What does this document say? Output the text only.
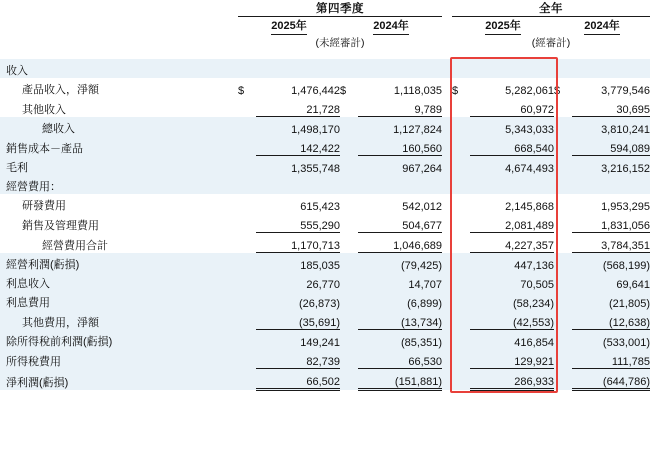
	第四季度					全年			

	2025年		2024年			2025年		2024年	
	(未經審計)					(經審計)			

收入									
產品收入，淨額	$	1,476,442	$	1,118,035		$	5,282,061	$	3,779,546
其他收入		21,728		9,789			60,972		30,695
總收入		1,498,170		1,127,824			5,343,033		3,810,241
銷售成本－產品		142,422		160,560			668,540		594,089
毛利		1,355,748		967,264			4,674,493		3,216,152
經營費用：									
研發費用		615,423		542,012			2,145,868		1,953,295
銷售及管理費用		555,290		504,677			2,081,489		1,831,056
經營費用合計		1,170,713		1,046,689			4,227,357		3,784,351
經營利潤(虧損)		185,035		(79,425)			447,136		(568,199)
利息收入		26,770		14,707			70,505		69,641
利息費用		(26,873)		(6,899)			(58,234)		(21,805)
其他費用，淨額		(35,691)		(13,734)			(42,553)		(12,638)
除所得稅前利潤(虧損)		149,241		(85,351)			416,854		(533,001)
所得稅費用		82,739		66,530			129,921		111,785
淨利潤(虧損)		66,502		(151,881)			286,933		(644,786)
